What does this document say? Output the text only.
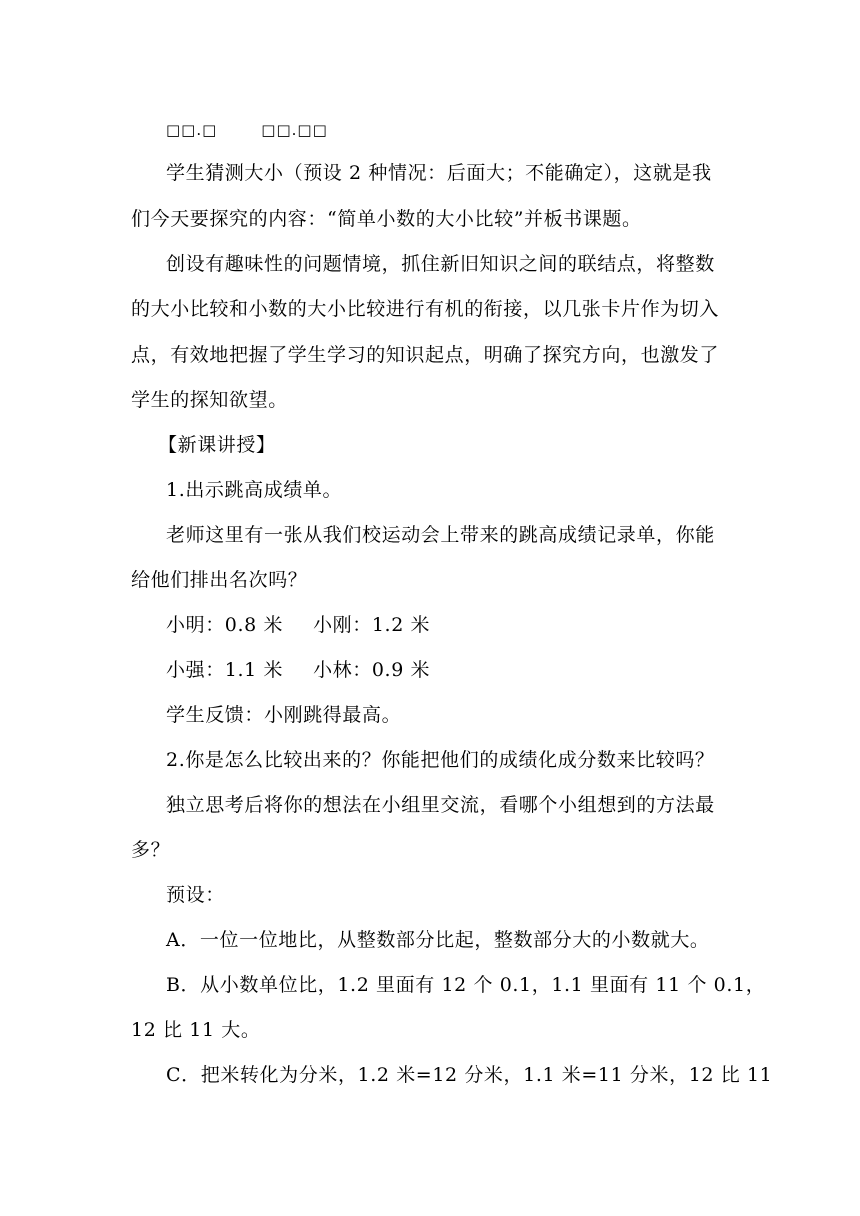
□□.□	□□.□□
学生猜测大小（预设 2 种情况：后面大；不能确定），这就是我
们今天要探究的内容：“简单小数的大小比较”并板书课题。
创设有趣味性的问题情境，抓住新旧知识之间的联结点，将整数
的大小比较和小数的大小比较进行有机的衔接，以几张卡片作为切入
点，有效地把握了学生学习的知识起点，明确了探究方向，也激发了
学生的探知欲望。
【新课讲授】
1.出示跳高成绩单。
老师这里有一张从我们校运动会上带来的跳高成绩记录单，你能
给他们排出名次吗？
小明：0.8 米 小刚：1.2 米
小强：1.1 米 小林：0.9 米
学生反馈：小刚跳得最高。
2.你是怎么比较出来的？你能把他们的成绩化成分数来比较吗？
独立思考后将你的想法在小组里交流，看哪个小组想到的方法最
多？
预设：
A．一位一位地比，从整数部分比起，整数部分大的小数就大。
B．从小数单位比，1.2 里面有 12 个 0.1，1.1 里面有 11 个 0.1，
12 比 11 大。
C．把米转化为分米，1.2 米=12 分米，1.1 米=11 分米，12 比 11
